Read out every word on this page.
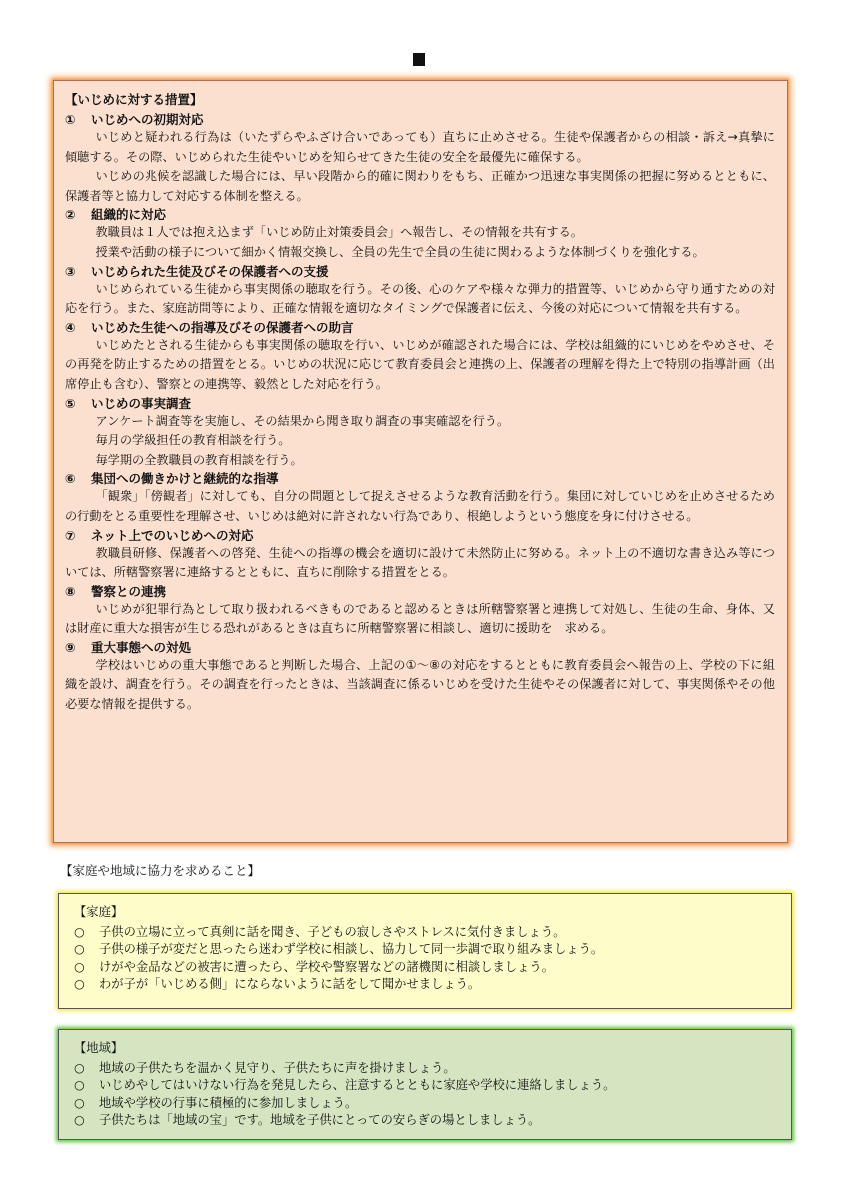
【いじめに対する措置】
① いじめへの初期対応

いじめと疑われる行為は（いたずらやふざけ合いであっても）直ちに止めさせる。生徒や保護者からの相談・訴え→真摯に傾聴する。その際、いじめられた生徒やいじめを知らせてきた生徒の安全を最優先に確保する。

いじめの兆候を認識した場合には、早い段階から的確に関わりをもち、正確かつ迅速な事実関係の把握に努めるとともに、保護者等と協力して対応する体制を整える。

② 組織的に対応

教職員は１人では抱え込まず「いじめ防止対策委員会」へ報告し、その情報を共有する。

授業や活動の様子について細かく情報交換し、全員の先生で全員の生徒に関わるような体制づくりを強化する。

③ いじめられた生徒及びその保護者への支援

いじめられている生徒から事実関係の聴取を行う。その後、心のケアや様々な弾力的措置等、いじめから守り通すための対応を行う。また、家庭訪問等により、正確な情報を適切なタイミングで保護者に伝え、今後の対応について情報を共有する。

④ いじめた生徒への指導及びその保護者への助言

いじめたとされる生徒からも事実関係の聴取を行い、いじめが確認された場合には、学校は組織的にいじめをやめさせ、その再発を防止するための措置をとる。いじめの状況に応じて教育委員会と連携の上、保護者の理解を得た上で特別の指導計画（出席停止も含む）、警察との連携等、毅然とした対応を行う。

⑤ いじめの事実調査

アンケート調査等を実施し、その結果から聞き取り調査の事実確認を行う。

毎月の学級担任の教育相談を行う。

毎学期の全教職員の教育相談を行う。

⑥ 集団への働きかけと継続的な指導

「観衆」「傍観者」に対しても、自分の問題として捉えさせるような教育活動を行う。集団に対していじめを止めさせるための行動をとる重要性を理解させ、いじめは絶対に許されない行為であり、根絶しようという態度を身に付けさせる。

⑦ ネット上でのいじめへの対応

教職員研修、保護者への啓発、生徒への指導の機会を適切に設けて未然防止に努める。ネット上の不適切な書き込み等については、所轄警察署に連絡するとともに、直ちに削除する措置をとる。

⑧ 警察との連携

いじめが犯罪行為として取り扱われるべきものであると認めるときは所轄警察署と連携して対処し、生徒の生命、身体、又は財産に重大な損害が生じる恐れがあるときは直ちに所轄警察署に相談し、適切に援助を　求める。

⑨ 重大事態への対処

学校はいじめの重大事態であると判断した場合、上記の①～⑧の対応をするとともに教育委員会へ報告の上、学校の下に組織を設け、調査を行う。その調査を行ったときは、当該調査に係るいじめを受けた生徒やその保護者に対して、事実関係やその他必要な情報を提供する。

【家庭や地域に協力を求めること】
【家庭】
○ 子供の立場に立って真剣に話を聞き、子どもの寂しさやストレスに気付きましょう。
○ 子供の様子が変だと思ったら迷わず学校に相談し、協力して同一歩調で取り組みましょう。
○ けがや金品などの被害に遭ったら、学校や警察署などの諸機関に相談しましょう。
○ わが子が「いじめる側」にならないように話をして聞かせましょう。
【地域】
○ 地域の子供たちを温かく見守り、子供たちに声を掛けましょう。
○ いじめやしてはいけない行為を発見したら、注意するとともに家庭や学校に連絡しましょう。
○ 地域や学校の行事に積極的に参加しましょう。
○ 子供たちは「地域の宝」です。地域を子供にとっての安らぎの場としましょう。
